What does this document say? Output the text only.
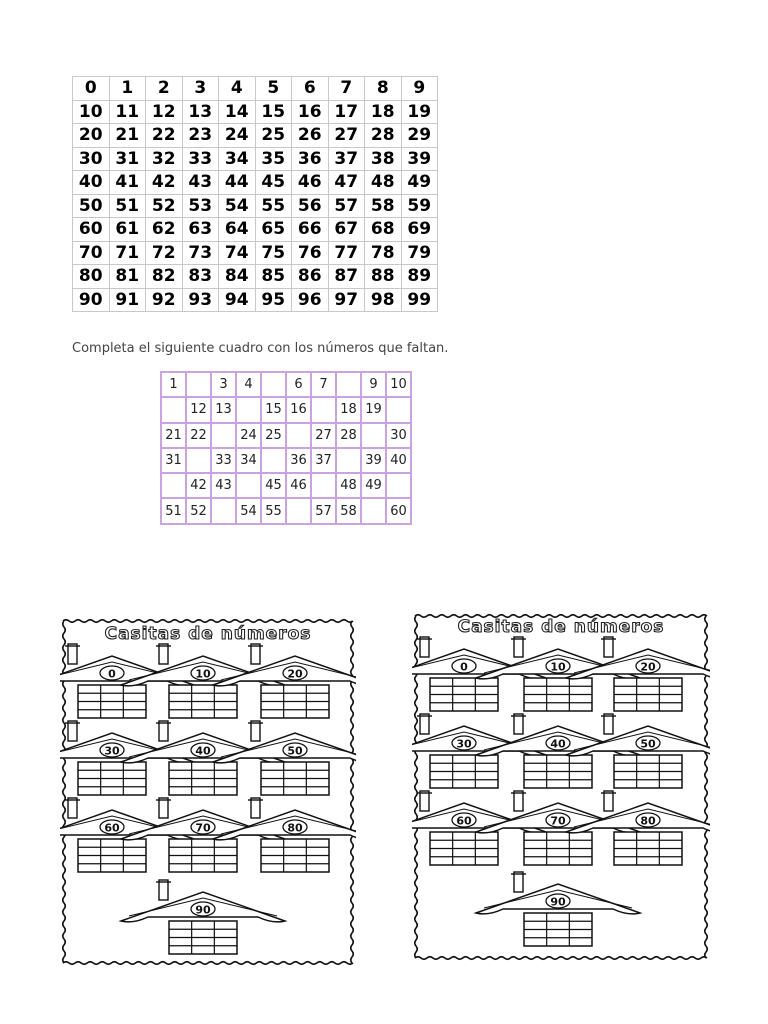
0	1	2	3	4	5	6	7	8	9
10	11	12	13	14	15	16	17	18	19
20	21	22	23	24	25	26	27	28	29
30	31	32	33	34	35	36	37	38	39
40	41	42	43	44	45	46	47	48	49
50	51	52	53	54	55	56	57	58	59
60	61	62	63	64	65	66	67	68	69
70	71	72	73	74	75	76	77	78	79
80	81	82	83	84	85	86	87	88	89
90	91	92	93	94	95	96	97	98	99
Completa el siguiente cuadro con los números que faltan.
1		3	4		6	7		9	10
	12	13		15	16		18	19	
21	22		24	25		27	28		30
31		33	34		36	37		39	40
	42	43		45	46		48	49	
51	52		54	55		57	58		60
Casitas de números
0	10	20
30	40	50
60	70	80
90
Casitas de números
0	10	20
30	40	50
60	70	80
90
